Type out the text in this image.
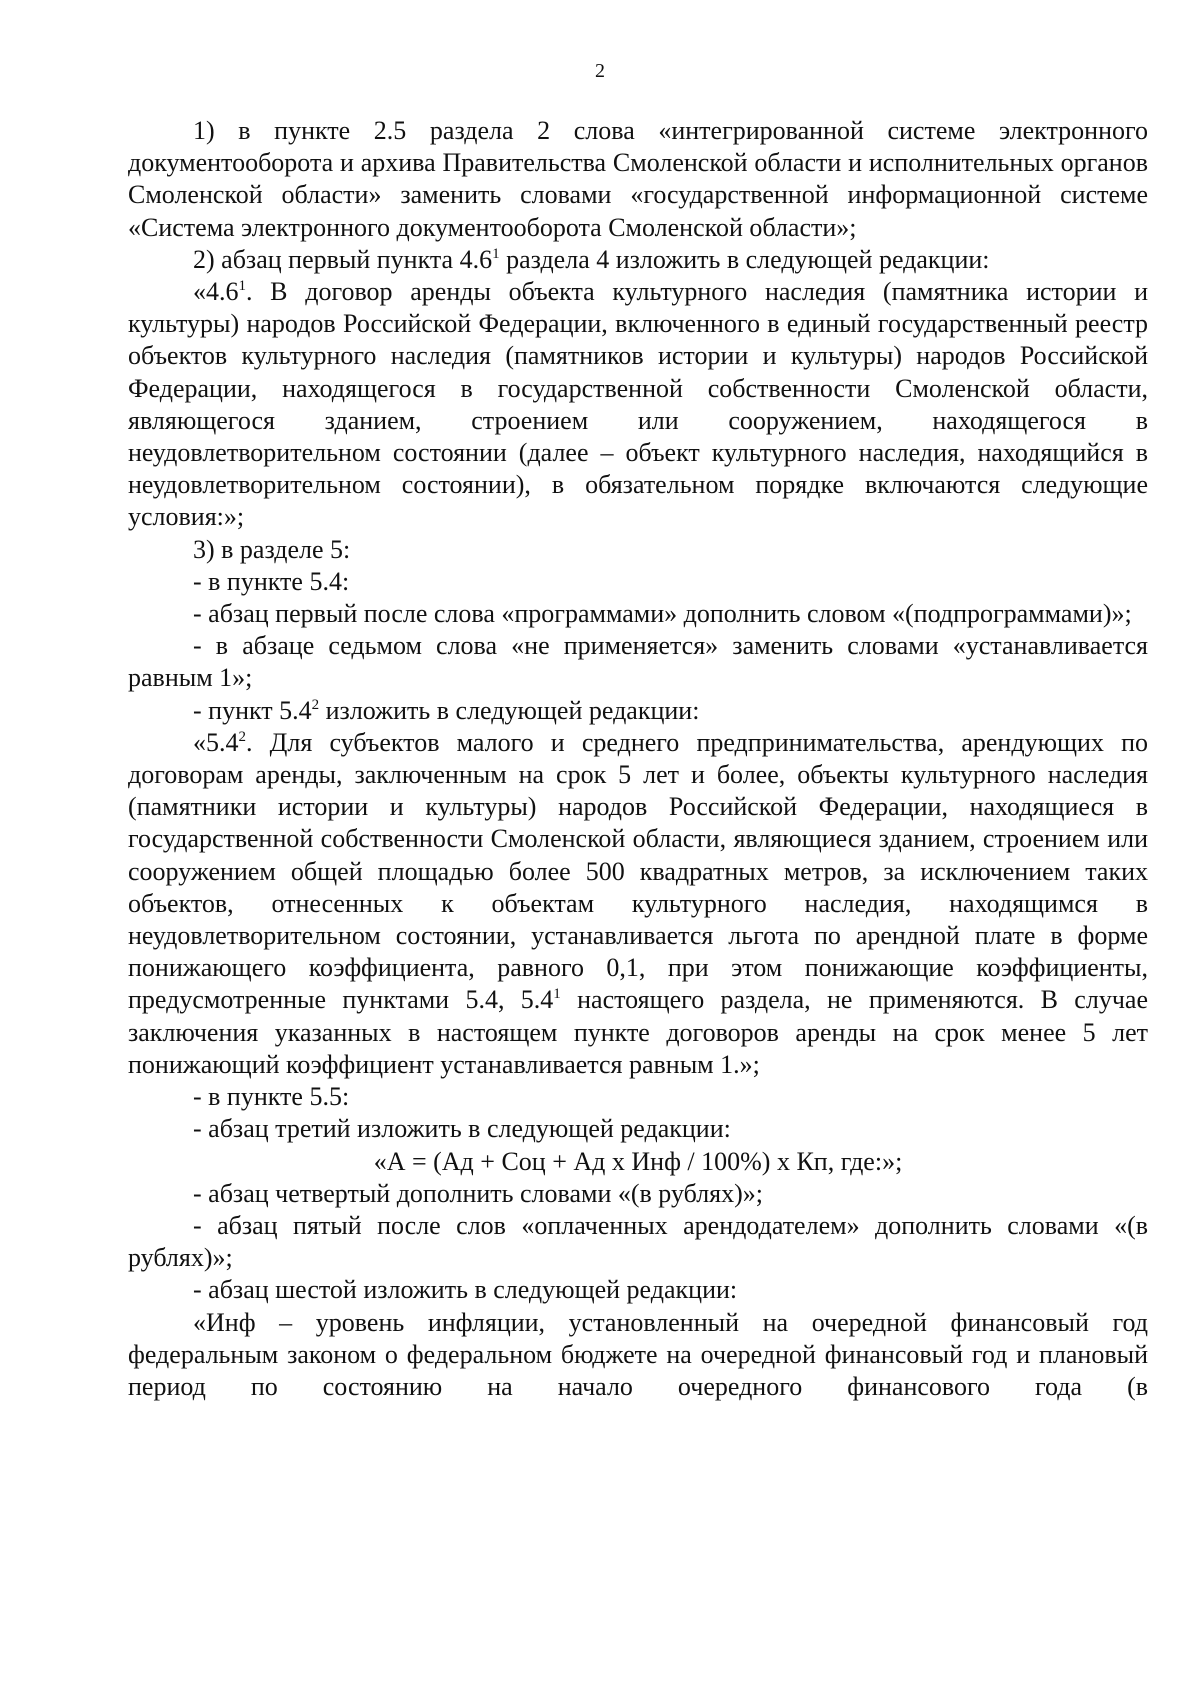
2

1) в пункте 2.5 раздела 2 слова «интегрированной системе электронного документооборота и архива Правительства Смоленской области и исполнительных органов Смоленской области» заменить словами «государственной информационной системе «Система электронного документооборота Смоленской области»;

2) абзац первый пункта $4.6^1$ раздела 4 изложить в следующей редакции:

«$4.6^1$. В договор аренды объекта культурного наследия (памятника истории и культуры) народов Российской Федерации, включенного в единый государственный реестр объектов культурного наследия (памятников истории и культуры) народов Российской Федерации, находящегося в государственной собственности Смоленской области, являющегося зданием, строением или сооружением, находящегося в неудовлетворительном состоянии (далее – объект культурного наследия, находящийся в неудовлетворительном состоянии), в обязательном порядке включаются следующие условия:»;

3) в разделе 5:

- в пункте 5.4:

- абзац первый после слова «программами» дополнить словом «(подпрограммами)»;

- в абзаце седьмом слова «не применяется» заменить словами «устанавливается равным 1»;

- пункт $5.4^2$ изложить в следующей редакции:

«$5.4^2$. Для субъектов малого и среднего предпринимательства, арендующих по договорам аренды, заключенным на срок 5 лет и более, объекты культурного наследия (памятники истории и культуры) народов Российской Федерации, находящиеся в государственной собственности Смоленской области, являющиеся зданием, строением или сооружением общей площадью более 500 квадратных метров, за исключением таких объектов, отнесенных к объектам культурного наследия, находящимся в неудовлетворительном состоянии, устанавливается льгота по арендной плате в форме понижающего коэффициента, равного 0,1, при этом понижающие коэффициенты, предусмотренные пунктами 5.4, $5.4^1$ настоящего раздела, не применяются. В случае заключения указанных в настоящем пункте договоров аренды на срок менее 5 лет понижающий коэффициент устанавливается равным 1.»;

- в пункте 5.5:

- абзац третий изложить в следующей редакции:

«А = (Ад + Соц + Ад х Инф / 100%) х Кп, где:»;

- абзац четвертый дополнить словами «(в рублях)»;

- абзац пятый после слов «оплаченных арендодателем» дополнить словами «(в рублях)»;

- абзац шестой изложить в следующей редакции:

«Инф – уровень инфляции, установленный на очередной финансовый год федеральным законом о федеральном бюджете на очередной финансовый год и плановый период по состоянию на начало очередного финансового года (в
